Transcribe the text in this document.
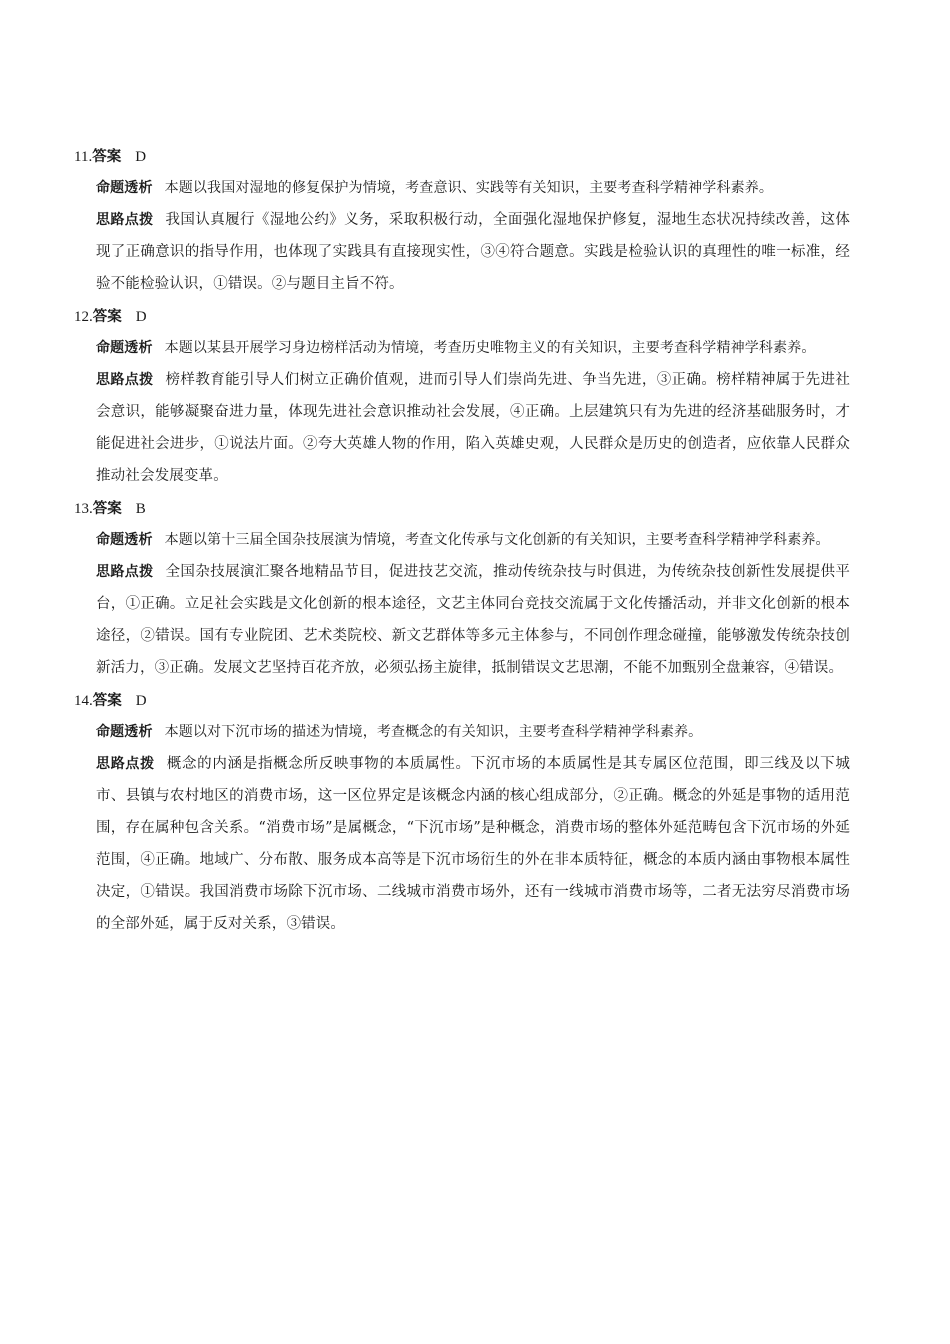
11.答案 D
命题透析 本题以我国对湿地的修复保护为情境，考查意识、实践等有关知识，主要考查科学精神学科素养。
思路点拨 我国认真履行《湿地公约》义务，采取积极行动，全面强化湿地保护修复，湿地生态状况持续改善，这体现了正确意识的指导作用，也体现了实践具有直接现实性，③④符合题意。实践是检验认识的真理性的唯一标准，经验不能检验认识，①错误。②与题目主旨不符。
12.答案 D
命题透析 本题以某县开展学习身边榜样活动为情境，考查历史唯物主义的有关知识，主要考查科学精神学科素养。
思路点拨 榜样教育能引导人们树立正确价值观，进而引导人们崇尚先进、争当先进，③正确。榜样精神属于先进社会意识，能够凝聚奋进力量，体现先进社会意识推动社会发展，④正确。上层建筑只有为先进的经济基础服务时，才能促进社会进步，①说法片面。②夸大英雄人物的作用，陷入英雄史观，人民群众是历史的创造者，应依靠人民群众推动社会发展变革。
13.答案 B
命题透析 本题以第十三届全国杂技展演为情境，考查文化传承与文化创新的有关知识，主要考查科学精神学科素养。
思路点拨 全国杂技展演汇聚各地精品节目，促进技艺交流，推动传统杂技与时俱进，为传统杂技创新性发展提供平台，①正确。立足社会实践是文化创新的根本途径，文艺主体同台竞技交流属于文化传播活动，并非文化创新的根本途径，②错误。国有专业院团、艺术类院校、新文艺群体等多元主体参与，不同创作理念碰撞，能够激发传统杂技创新活力，③正确。发展文艺坚持百花齐放，必须弘扬主旋律，抵制错误文艺思潮，不能不加甄别全盘兼容，④错误。
14.答案 D
命题透析 本题以对下沉市场的描述为情境，考查概念的有关知识，主要考查科学精神学科素养。
思路点拨 概念的内涵是指概念所反映事物的本质属性。下沉市场的本质属性是其专属区位范围，即三线及以下城市、县镇与农村地区的消费市场，这一区位界定是该概念内涵的核心组成部分，②正确。概念的外延是事物的适用范围，存在属种包含关系。“消费市场”是属概念，“下沉市场”是种概念，消费市场的整体外延范畴包含下沉市场的外延范围，④正确。地域广、分布散、服务成本高等是下沉市场衍生的外在非本质特征，概念的本质内涵由事物根本属性决定，①错误。我国消费市场除下沉市场、二线城市消费市场外，还有一线城市消费市场等，二者无法穷尽消费市场的全部外延，属于反对关系，③错误。
